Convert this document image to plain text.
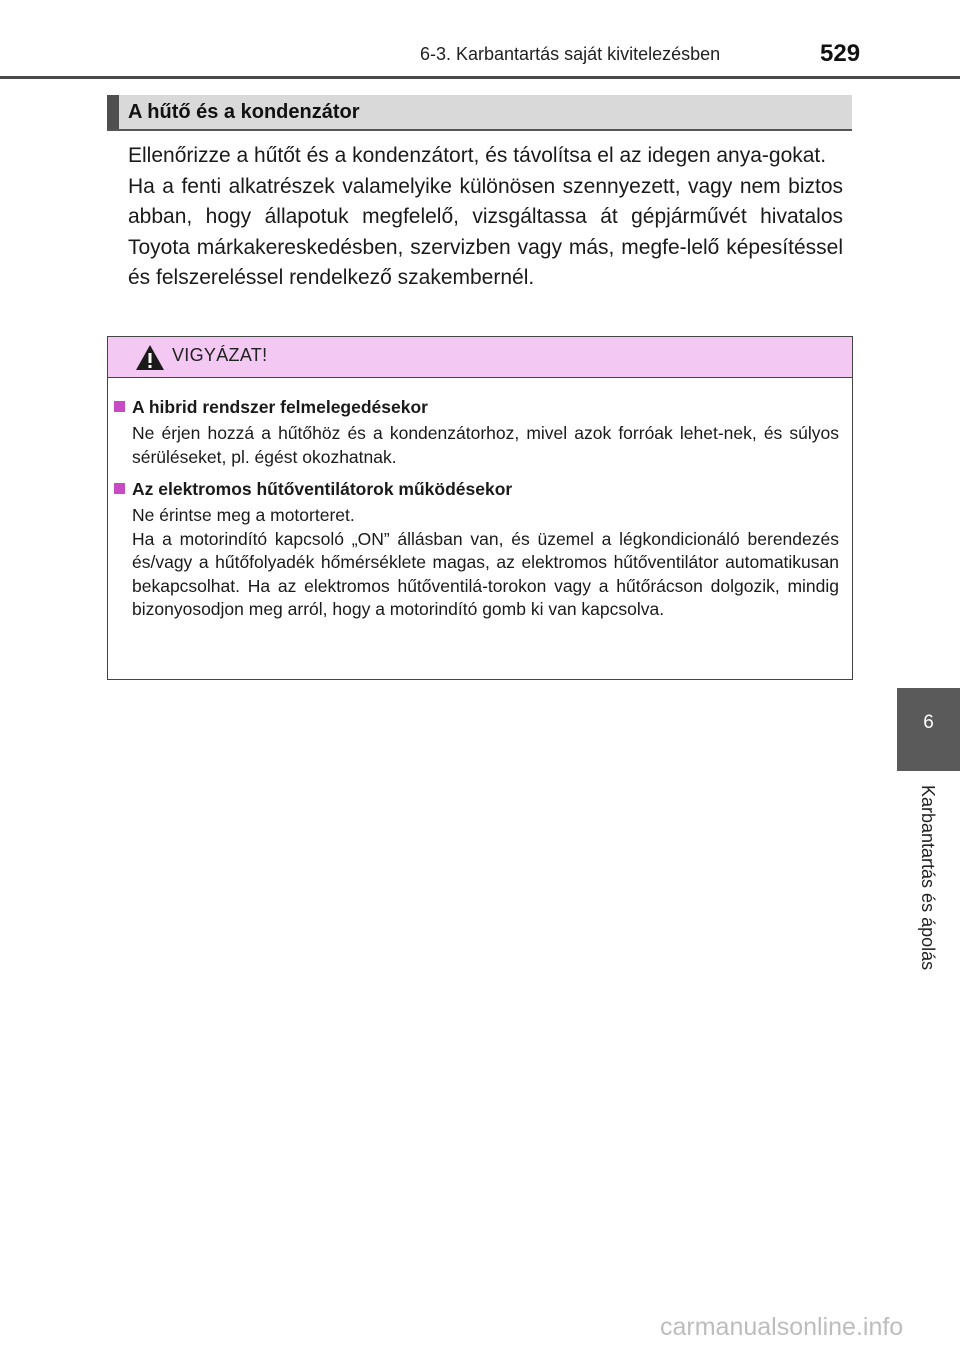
6-3. Karbantartás saját kivitelezésben	529
A hűtő és a kondenzátor

Ellenőrizze a hűtőt és a kondenzátort, és távolítsa el az idegen anya-gokat.

Ha a fenti alkatrészek valamelyike különösen szennyezett, vagy nem biztos abban, hogy állapotuk megfelelő, vizsgáltassa át gépjárművét hivatalos Toyota márkakereskedésben, szervizben vagy más, megfe-lelő képesítéssel és felszereléssel rendelkező szakembernél.

VIGYÁZAT!
A hibrid rendszer felmelegedésekor

Ne érjen hozzá a hűtőhöz és a kondenzátorhoz, mivel azok forróak lehet-nek, és súlyos sérüléseket, pl. égést okozhatnak.

Az elektromos hűtőventilátorok működésekor

Ne érintse meg a motorteret.

Ha a motorindító kapcsoló „ON” állásban van, és üzemel a légkondicionáló berendezés és/vagy a hűtőfolyadék hőmérséklete magas, az elektromos hűtőventilátor automatikusan bekapcsolhat. Ha az elektromos hűtőventilá-torokon vagy a hűtőrácson dolgozik, mindig bizonyosodjon meg arról, hogy a motorindító gomb ki van kapcsolva.

6
Karbantartás és ápolás
carmanualsonline.info
